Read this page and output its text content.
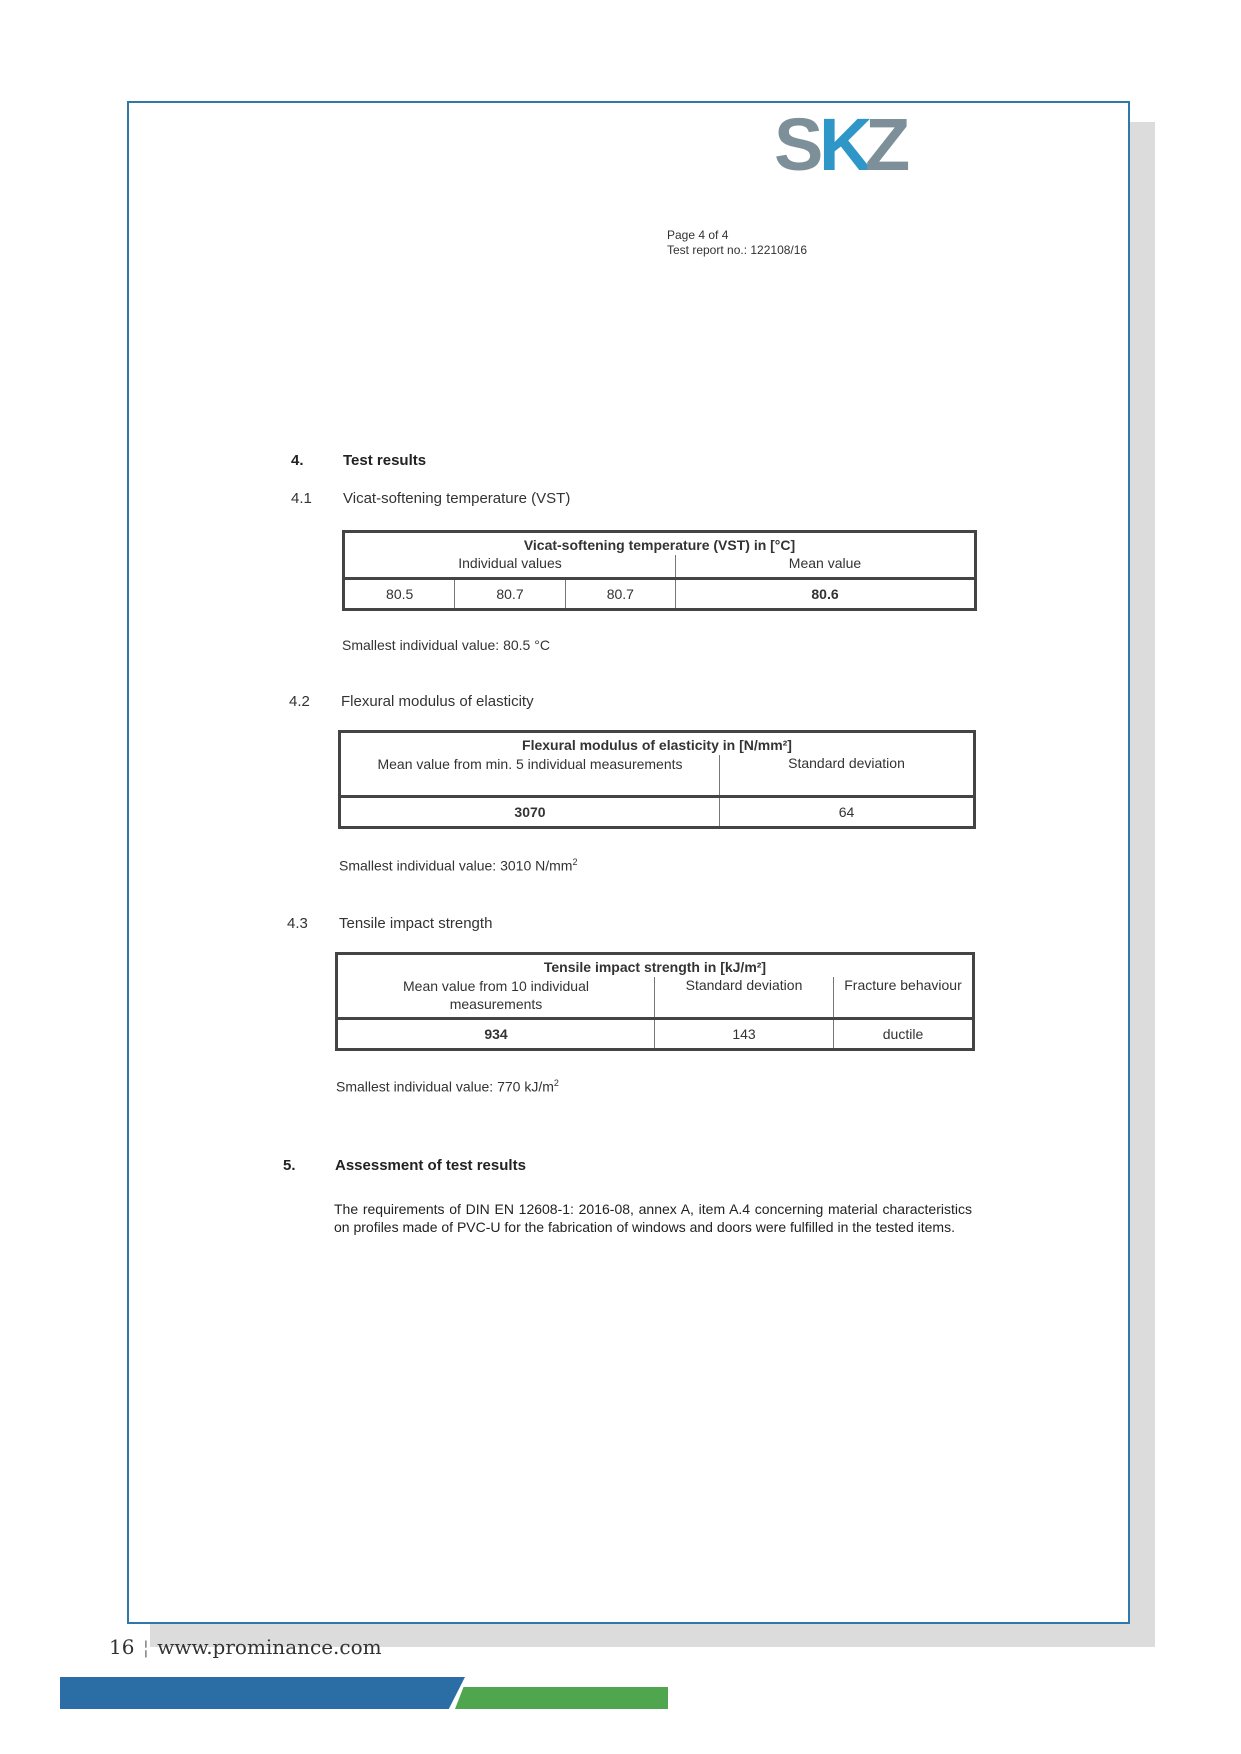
S
K
Z
Page 4 of 4
Test report no.: 122108/16
4.	Test results
4.1 Vicat-softening temperature (VST)
Vicat-softening temperature (VST) in [°C]			
Individual values			Mean value
80.5	80.7	80.7	80.6
Smallest individual value: 80.5 °C
4.2 Flexural modulus of elasticity
Flexural modulus of elasticity in [N/mm²]	
Mean value from min. 5 individual measurements	Standard deviation
3070	64
Smallest individual value: 3010 $N/mm^2$
4.3 Tensile impact strength
Tensile impact strength in [kJ/m²]		
Mean value from 10 individual measurements	Standard deviation	Fracture behaviour
934	143	ductile
Smallest individual value: 770 $kJ/m^2$
5.	Assessment of test results
The requirements of DIN EN 12608-1: 2016-08, annex A, item A.4 concerning material characteristics on profiles made of PVC-U for the fabrication of windows and doors were fulfilled in the tested items.
16 ¦ www.prominance.com
